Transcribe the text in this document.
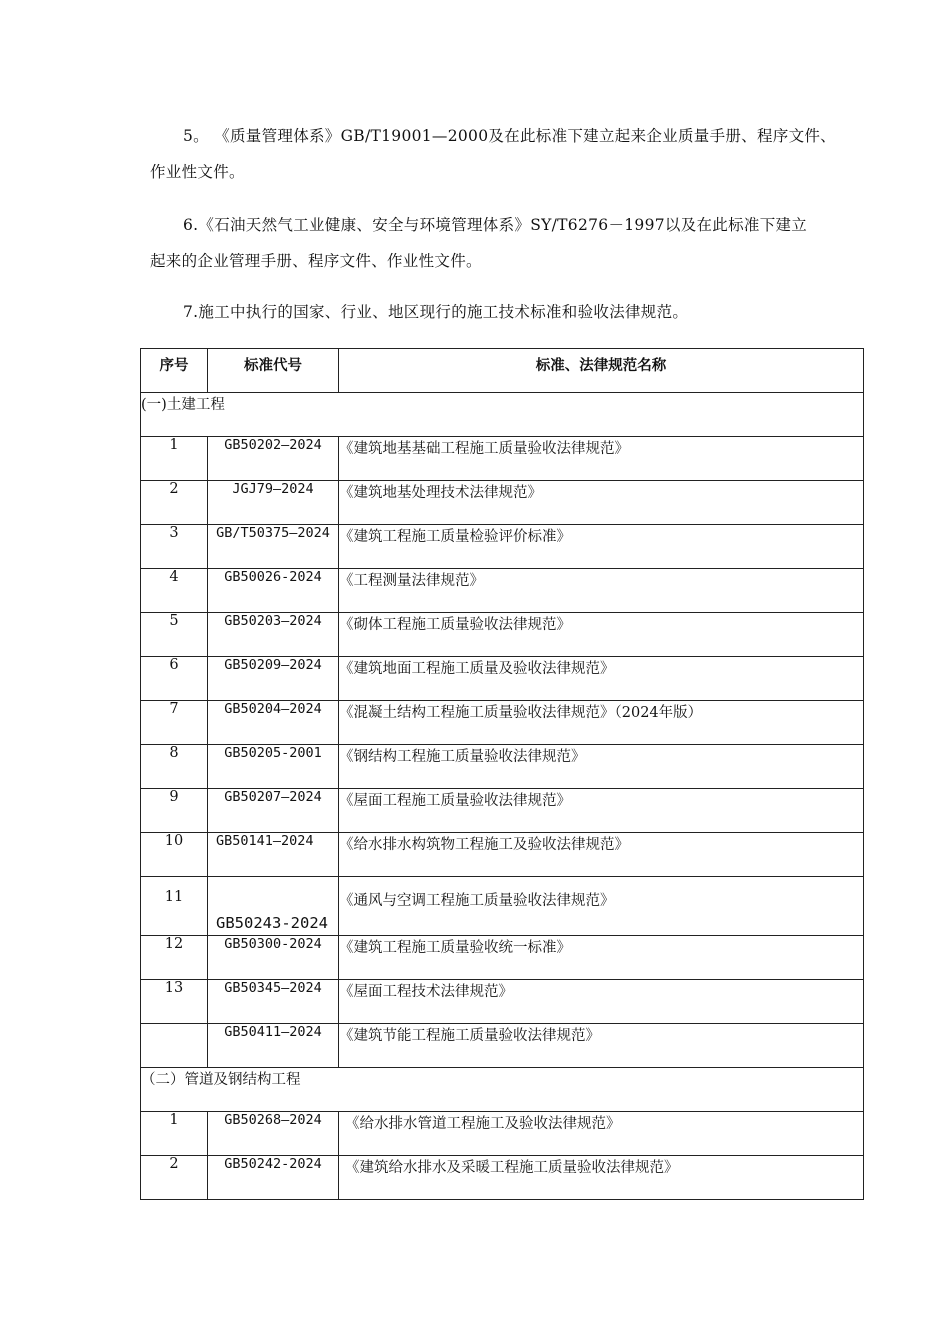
5。 《质量管理体系》GB/T19001—2000及在此标准下建立起来企业质量手册、程序文件、
作业性文件。
6.《石油天然气工业健康、安全与环境管理体系》SY/T6276－1997以及在此标准下建立
起来的企业管理手册、程序文件、作业性文件。
7.施工中执行的国家、行业、地区现行的施工技术标准和验收法律规范。
序号	标准代号	标准、法律规范名称
(一)土建工程		
1	GB50202—2024	《建筑地基基础工程施工质量验收法律规范》
2	JGJ79—2024	《建筑地基处理技术法律规范》
3	GB/T50375—2024	《建筑工程施工质量检验评价标准》
4	GB50026-2024	《工程测量法律规范》
5	GB50203—2024	《砌体工程施工质量验收法律规范》
6	GB50209—2024	《建筑地面工程施工质量及验收法律规范》
7	GB50204—2024	《混凝土结构工程施工质量验收法律规范》（2024年版）
8	GB50205-2001	《钢结构工程施工质量验收法律规范》
9	GB50207—2024	《屋面工程施工质量验收法律规范》
10	GB50141—2024	《给水排水构筑物工程施工及验收法律规范》
11	GB50243-2024	《通风与空调工程施工质量验收法律规范》
12	GB50300-2024	《建筑工程施工质量验收统一标准》
13	GB50345—2024	《屋面工程技术法律规范》
	GB50411—2024	《建筑节能工程施工质量验收法律规范》
（二）管道及钢结构工程		
1	GB50268—2024	《给水排水管道工程施工及验收法律规范》
2	GB50242-2024	《建筑给水排水及采暖工程施工质量验收法律规范》
